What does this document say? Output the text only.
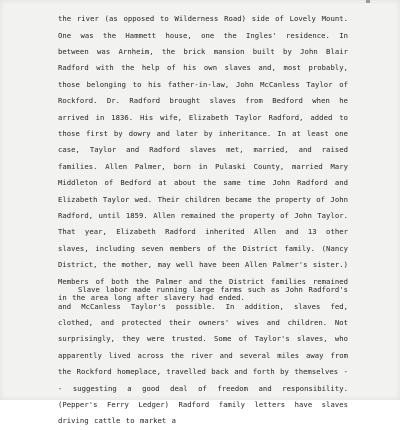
the river (as opposed to Wilderness Road) side of Lovely Mount. One was the Hammett house, one the Ingles' residence. In between was Arnheim, the brick mansion built by John Blair Radford with the help of his own slaves and, most probably, those belonging to his father-in-law, John McCanless Taylor of Rockford. Dr. Radford brought slaves from Bedford when he arrived in 1836. His wife, Elizabeth Taylor Radford, added to those first by dowry and later by inheritance. In at least one case, Taylor and Radford slaves met, married, and raised families. Allen Palmer, born in Pulaski County, married Mary Middleton of Bedford at about the same time John Radford and Elizabeth Taylor wed. Their children became the property of John Radford, until 1859. Allen remained the property of John Taylor. That year, Elizabeth Radford inherited Allen and 13 other slaves, including seven members of the District family. (Nancy District, the mother, may well have been Allen Palmer's sister.) Members of both the Palmer and the District families remained in the area long after slavery had ended.

Slave labor made running large farms such as John Radford's and McCanless Taylor's possible. In addition, slaves fed, clothed, and protected their owners' wives and children. Not surprisingly, they were trusted. Some of Taylor's slaves, who apparently lived across the river and several miles away from the Rockford homeplace, travelled back and forth by themselves -- suggesting a good deal of freedom and responsibility. (Pepper's Ferry Ledger) Radford family letters have slaves driving cattle to market a
